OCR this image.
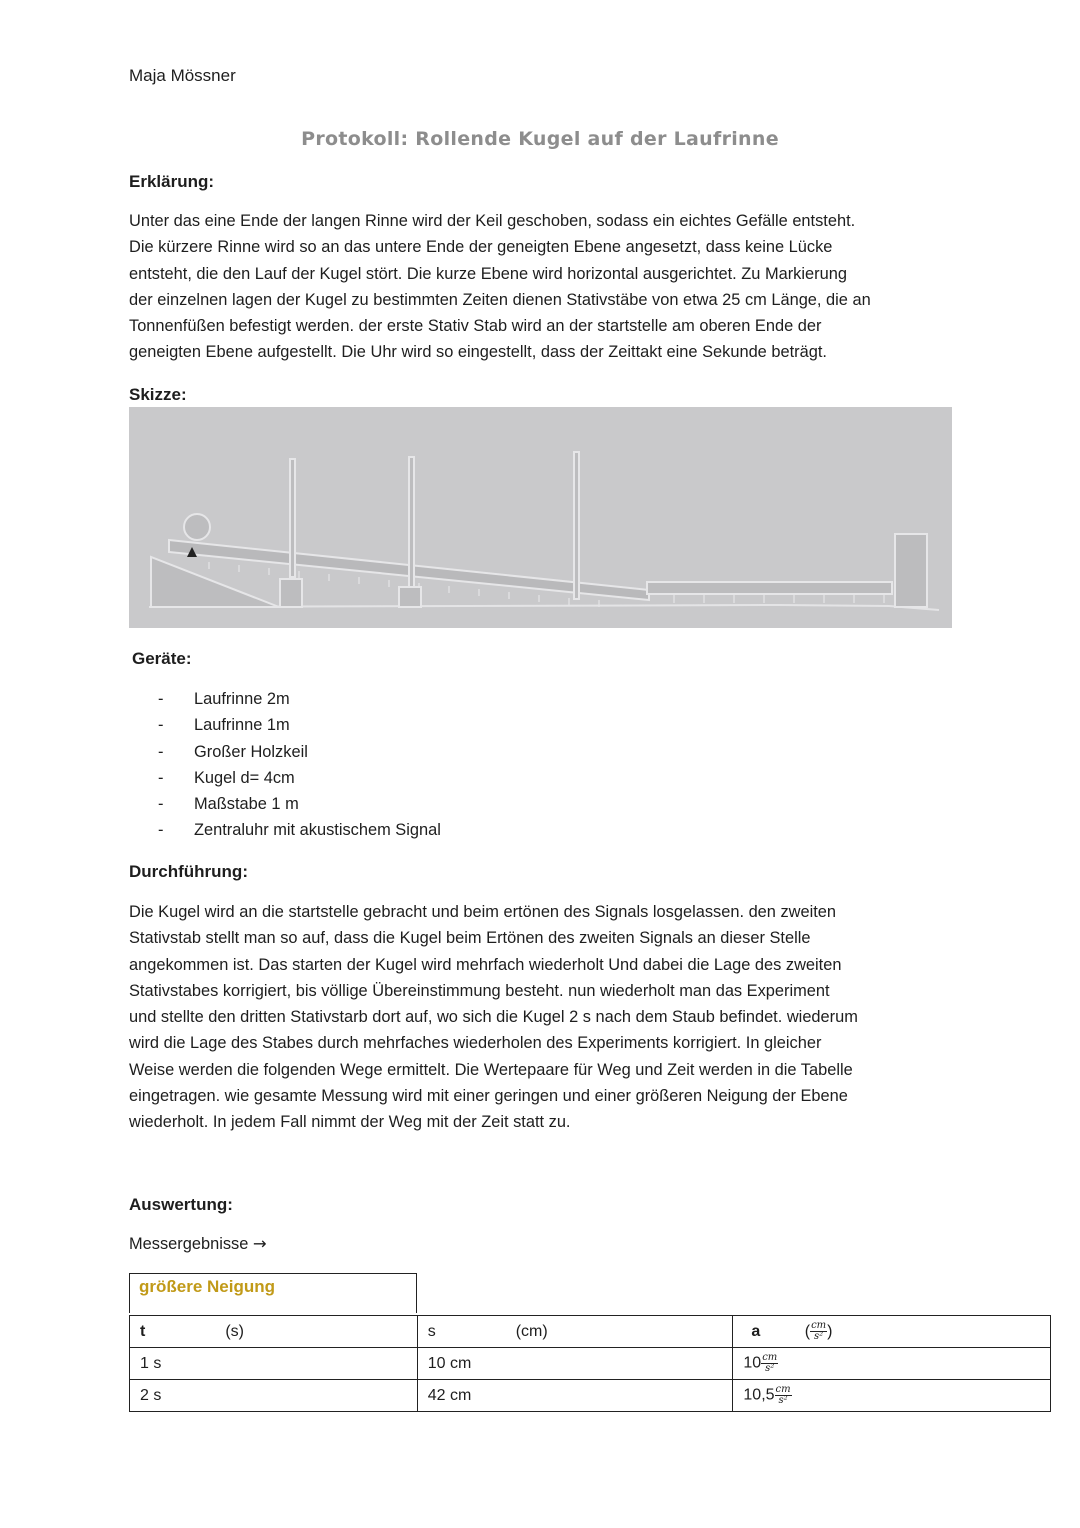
Maja Mössner
Protokoll: Rollende Kugel auf der Laufrinne
Erklärung:
Unter das eine Ende der langen Rinne wird der Keil geschoben, sodass ein eichtes Gefälle entsteht.
Die kürzere Rinne wird so an das untere Ende der geneigten Ebene angesetzt, dass keine Lücke
entsteht, die den Lauf der Kugel stört. Die kurze Ebene wird horizontal ausgerichtet. Zu Markierung
der einzelnen lagen der Kugel zu bestimmten Zeiten dienen Stativstäbe von etwa 25 cm Länge, die an
Tonnenfüßen befestigt werden. der erste Stativ Stab wird an der startstelle am oberen Ende der
geneigten Ebene aufgestellt. Die Uhr wird so eingestellt, dass der Zeittakt eine Sekunde beträgt.
Skizze:
Geräte:
- Laufrinne 2m
- Laufrinne 1m
- Großer Holzkeil
- Kugel d= 4cm
- Maßstabe 1 m
- Zentraluhr mit akustischem Signal
Durchführung:
Die Kugel wird an die startstelle gebracht und beim ertönen des Signals losgelassen. den zweiten
Stativstab stellt man so auf, dass die Kugel beim Ertönen des zweiten Signals an dieser Stelle
angekommen ist. Das starten der Kugel wird mehrfach wiederholt Und dabei die Lage des zweiten
Stativstabes korrigiert, bis völlige Übereinstimmung besteht. nun wiederholt man das Experiment
und stellte den dritten Stativstarb dort auf, wo sich die Kugel 2 s nach dem Staub befindet. wiederum
wird die Lage des Stabes durch mehrfaches wiederholen des Experiments korrigiert. In gleicher
Weise werden die folgenden Wege ermittelt. Die Wertepaare für Weg und Zeit werden in die Tabelle
eingetragen. wie gesamte Messung wird mit einer geringen und einer größeren Neigung der Ebene
wiederholt. In jedem Fall nimmt der Weg mit der Zeit statt zu.
Auswertung:
Messergebnisse →
größere Neigung
t (s)	s (cm)	a ( $\frac{cm}{\text{s²}}$ )
1 s	10 cm	$10 \frac{cm}{\text{s²}}$

2 s	42 cm	$10,5 \frac{cm}{\text{s²}}$
